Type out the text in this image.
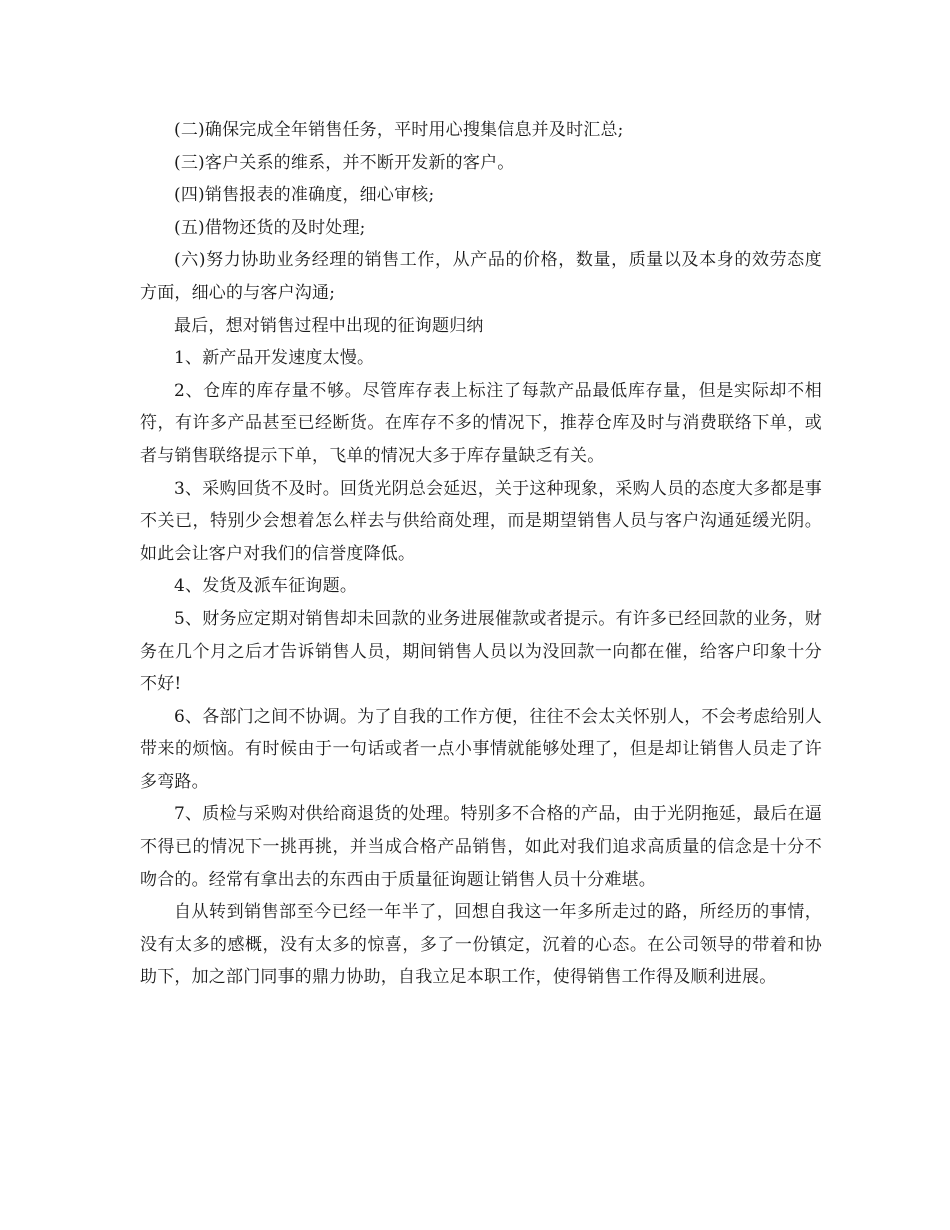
(二)确保完成全年销售任务，平时用心搜集信息并及时汇总;

(三)客户关系的维系，并不断开发新的客户。

(四)销售报表的准确度，细心审核;

(五)借物还货的及时处理;

(六)努力协助业务经理的销售工作，从产品的价格，数量，质量以及本身的效劳态度方面，细心的与客户沟通;

最后，想对销售过程中出现的征询题归纳

1、新产品开发速度太慢。

2、仓库的库存量不够。尽管库存表上标注了每款产品最低库存量，但是实际却不相符，有许多产品甚至已经断货。在库存不多的情况下，推荐仓库及时与消费联络下单，或者与销售联络提示下单，飞单的情况大多于库存量缺乏有关。

3、采购回货不及时。回货光阴总会延迟，关于这种现象，采购人员的态度大多都是事不关已，特别少会想着怎么样去与供给商处理，而是期望销售人员与客户沟通延缓光阴。如此会让客户对我们的信誉度降低。

4、发货及派车征询题。

5、财务应定期对销售却未回款的业务进展催款或者提示。有许多已经回款的业务，财务在几个月之后才告诉销售人员，期间销售人员以为没回款一向都在催，给客户印象十分不好!

6、各部门之间不协调。为了自我的工作方便，往往不会太关怀别人，不会考虑给别人带来的烦恼。有时候由于一句话或者一点小事情就能够处理了，但是却让销售人员走了许多弯路。

7、质检与采购对供给商退货的处理。特别多不合格的产品，由于光阴拖延，最后在逼不得已的情况下一挑再挑，并当成合格产品销售，如此对我们追求高质量的信念是十分不吻合的。经常有拿出去的东西由于质量征询题让销售人员十分难堪。

自从转到销售部至今已经一年半了，回想自我这一年多所走过的路，所经历的事情，没有太多的感概，没有太多的惊喜，多了一份镇定，沉着的心态。在公司领导的带着和协助下，加之部门同事的鼎力协助，自我立足本职工作，使得销售工作得及顺利进展。
